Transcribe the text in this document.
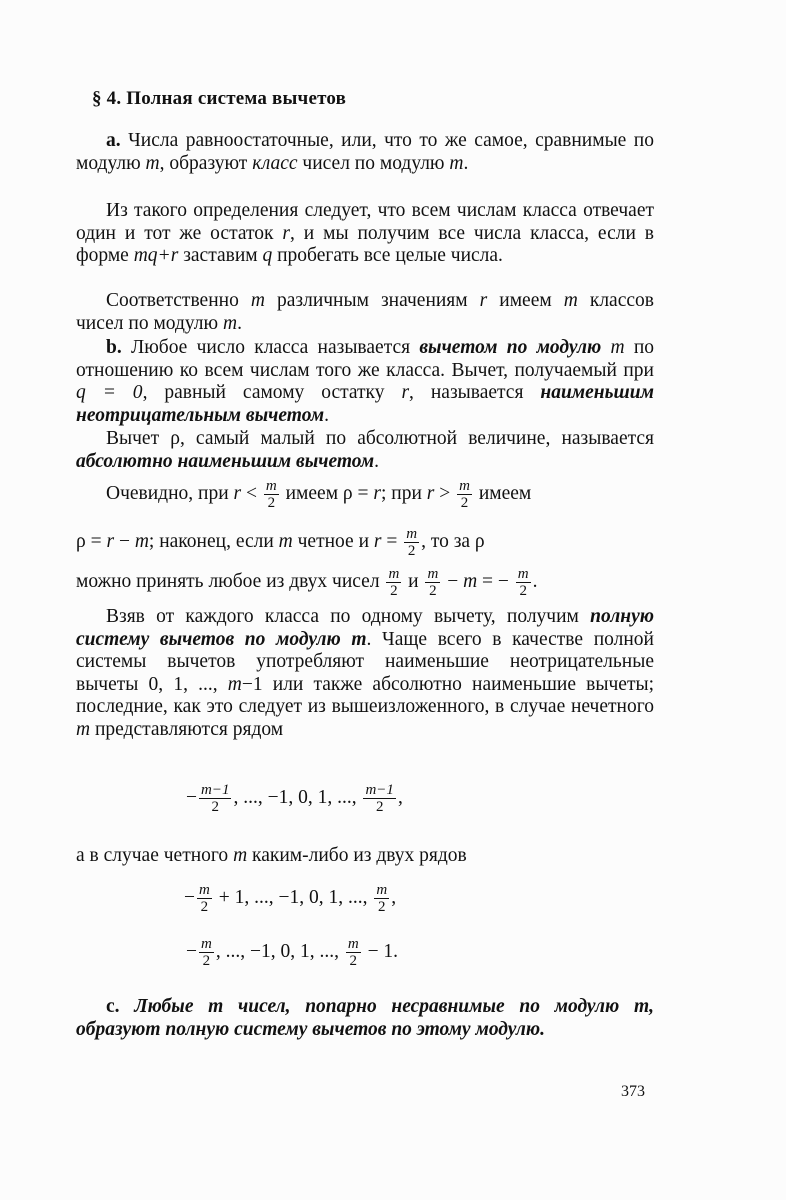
§ 4. Полная система вычетов
a. Числа равноостаточные, или, что то же самое, сравнимые по модулю m, образуют класс чисел по модулю m.
Из такого определения следует, что всем числам класса отвечает один и тот же остаток r, и мы получим все числа класса, если в форме mq+r заставим q пробегать все целые числа.
Соответственно m различным значениям r имеем m классов чисел по модулю m.
b. Любое число класса называется вычетом по модулю m по отношению ко всем числам того же класса. Вычет, получаемый при q = 0, равный самому остатку r, называется наименьшим неотрицательным вычетом.
Вычет ρ, самый малый по абсолютной величине, называется абсолютно наименьшим вычетом.
Очевидно, при $r < \frac{m}{2}$ имеем ρ = r; при $r > \frac{m}{2}$ имеем
ρ = r − m; наконец, если m четное и $r = \frac{m}{2}$ , то за ρ
можно принять любое из двух чисел $\frac{m}{2}$ и $\frac{m}{2} - m$ = − $\frac{m}{2}$ .
Взяв от каждого класса по одному вычету, получим полную систему вычетов по модулю m. Чаще всего в качестве полной системы вычетов употребляют наименьшие неотрицательные вычеты 0, 1, ..., m−1 или также абсолютно наименьшие вычеты; последние, как это следует из вышеизложенного, в случае нечетного m представляются рядом
− $\frac{m-1}{2}$ , ..., −1, 0, 1, ..., $\frac{m-1}{2}$ ,
а в случае четного m каким-либо из двух рядов
− $\frac{m}{2} + 1$, ..., −1, 0, 1, ..., $\frac{m}{2}$ ,
− $\frac{m}{2}$ , ..., −1, 0, 1, ..., $\frac{m}{2} - 1$.
c. Любые m чисел, попарно несравнимые по модулю m, образуют полную систему вычетов по этому модулю.
373
